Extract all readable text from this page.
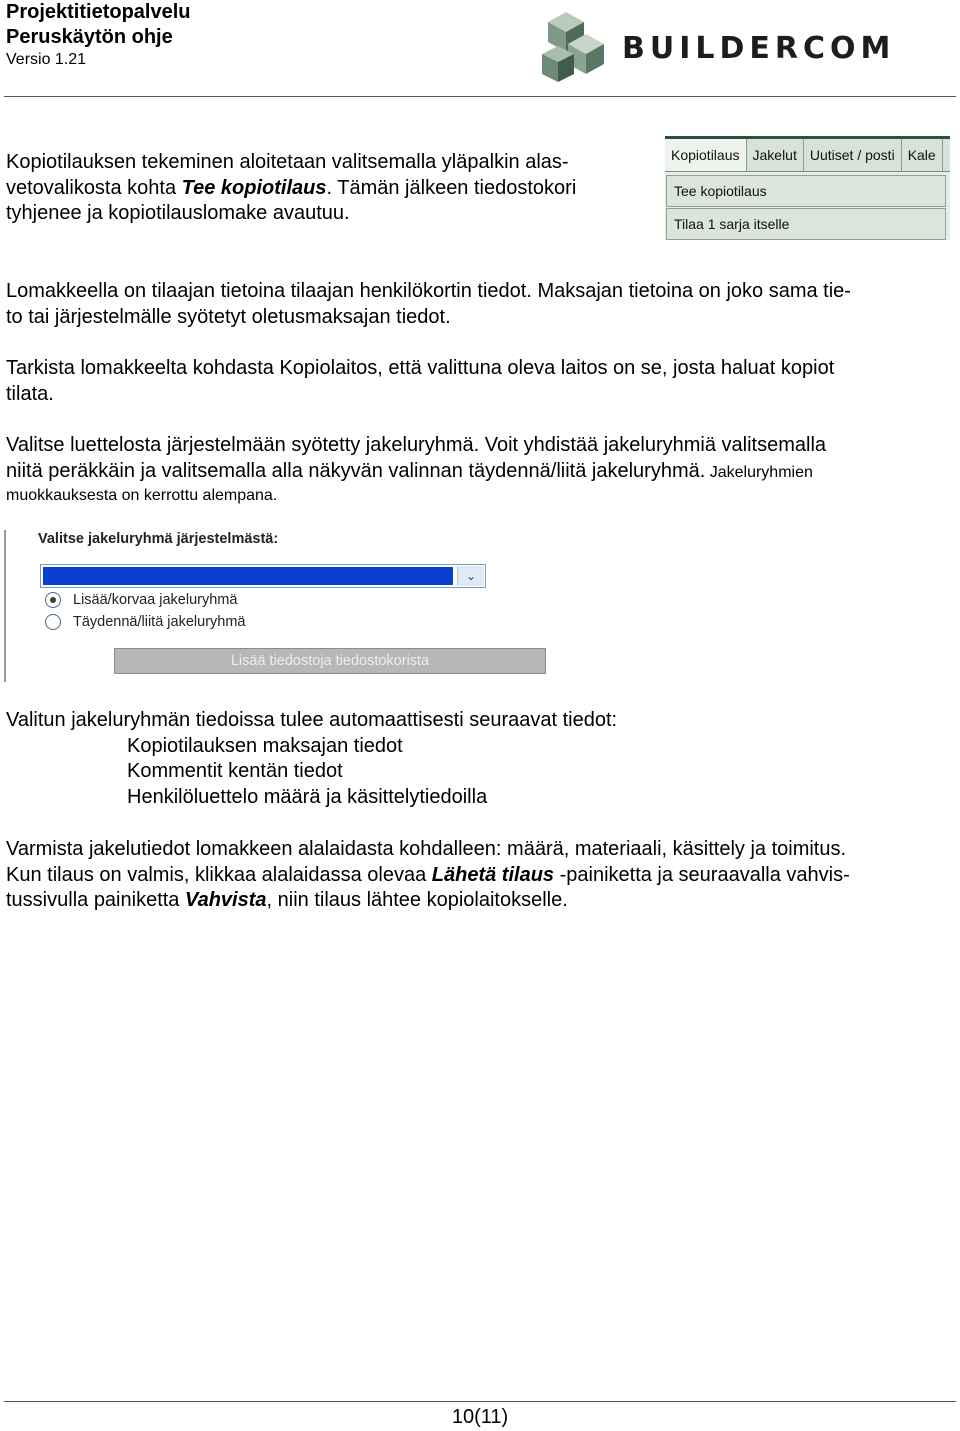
Projektitietopalvelu
Peruskäytön ohje
Versio 1.21	BUILDERCOM
Kopiotilauksen tekeminen aloitetaan valitsemalla yläpalkin alas-
vetovalikosta kohta Tee kopiotilaus. Tämän jälkeen tiedostokori
tyhjenee ja kopiotilauslomake avautuu.
Kopiotilaus Jakelut Uutiset / posti Kale
Tee kopiotilaus
Tilaa 1 sarja itselle
Lomakkeella on tilaajan tietoina tilaajan henkilökortin tiedot. Maksajan tietoina on joko sama tie-
to tai järjestelmälle syötetyt oletusmaksajan tiedot.
Tarkista lomakkeelta kohdasta Kopiolaitos, että valittuna oleva laitos on se, josta haluat kopiot
tilata.
Valitse luettelosta järjestelmään syötetty jakeluryhmä. Voit yhdistää jakeluryhmiä valitsemalla
niitä peräkkäin ja valitsemalla alla näkyvän valinnan täydennä/liitä jakeluryhmä. Jakeluryhmien
muokkauksesta on kerrottu alempana.
Valitse jakeluryhmä järjestelmästä:
⌄
Lisää/korvaa jakeluryhmä
Täydennä/liitä jakeluryhmä
Lisää tiedostoja tiedostokorista
Valitun jakeluryhmän tiedoissa tulee automaattisesti seuraavat tiedot:
Kopiotilauksen maksajan tiedot
Kommentit kentän tiedot
Henkilöluettelo määrä ja käsittelytiedoilla
Varmista jakelutiedot lomakkeen alalaidasta kohdalleen: määrä, materiaali, käsittely ja toimitus.
Kun tilaus on valmis, klikkaa alalaidassa olevaa Lähetä tilaus -painiketta ja seuraavalla vahvis-
tussivulla painiketta Vahvista, niin tilaus lähtee kopiolaitokselle.
10(11)
